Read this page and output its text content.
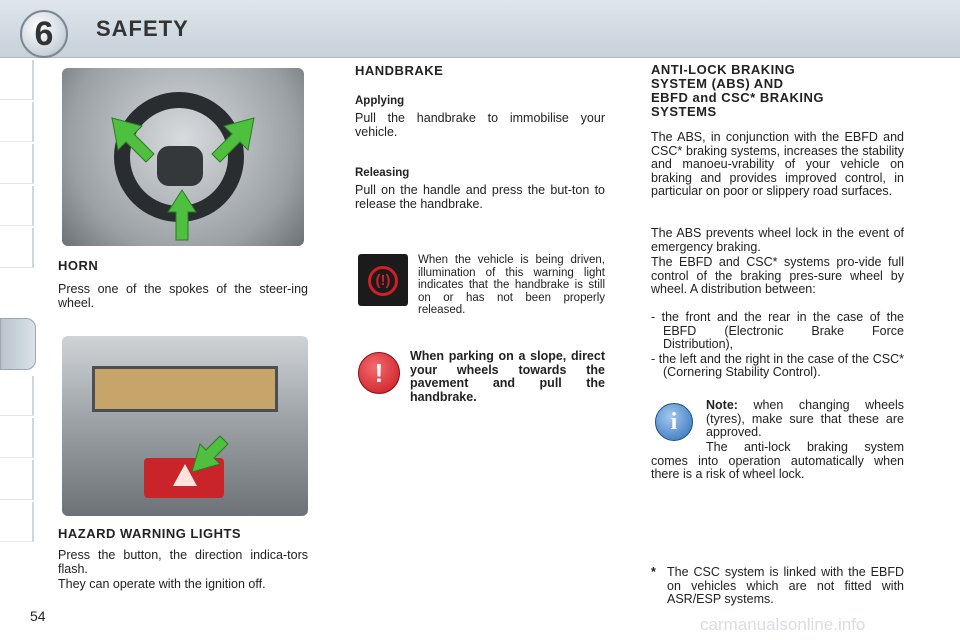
6	SAFETY
HORN
Press one of the spokes of the steer-ing wheel.
HAZARD WARNING LIGHTS
Press the button, the direction indica-tors flash.
They can operate with the ignition off.
HANDBRAKE
Applying
Pull the handbrake to immobilise your vehicle.
Releasing
Pull on the handle and press the but-ton to release the handbrake.
(!)
When the vehicle is being driven, illumination of this warning light indicates that the handbrake is still on or has not been properly released.
!
When parking on a slope, direct your wheels towards the pavement and pull the handbrake.
ANTI-LOCK BRAKING
SYSTEM (ABS) AND
EBFD and CSC* BRAKING
SYSTEMS
The ABS, in conjunction with the EBFD and CSC* braking systems, increases the stability and manoeu-vrability of your vehicle on braking and provides improved control, in particular on poor or slippery road surfaces.
The ABS prevents wheel lock in the event of emergency braking.
The EBFD and CSC* systems pro-vide full control of the braking pres-sure wheel by wheel. A distribution between:
- the front and the rear in the case of the EBFD (Electronic Brake Force Distribution),
- the left and the right in the case of the CSC* (Cornering Stability Control).
i
Note: when changing wheels (tyres), make sure that these are approved.
The anti-lock braking system comes into operation automatically when there is a risk of wheel lock.
* The CSC system is linked with the EBFD on vehicles which are not fitted with ASR/ESP systems.
54	carmanualsonline.info
